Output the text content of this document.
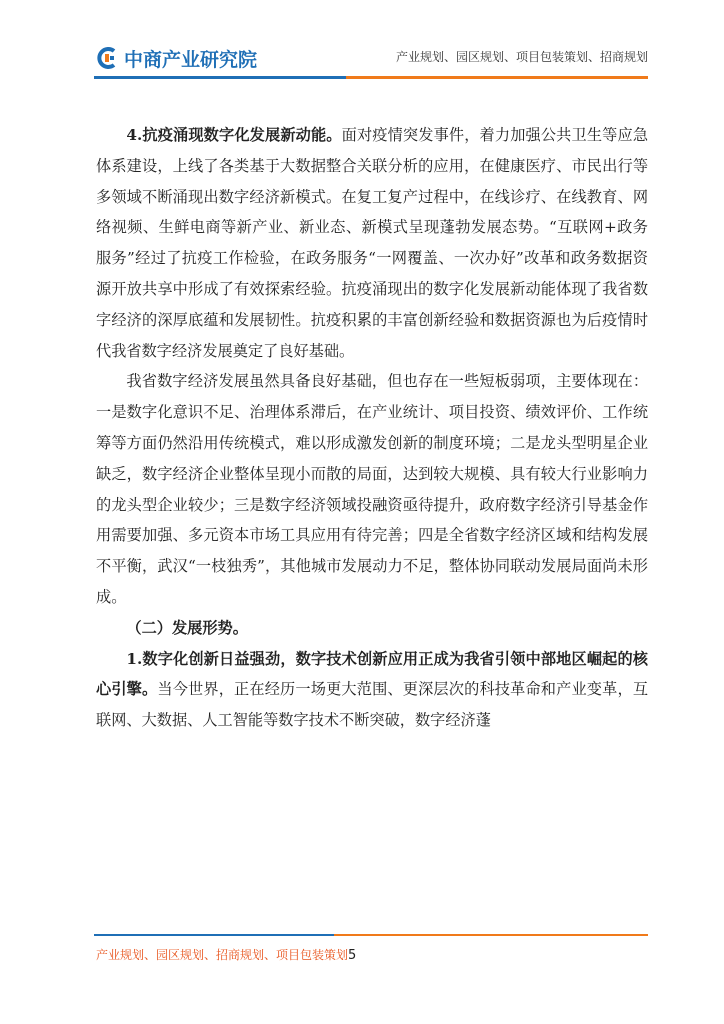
中商产业研究院	产业规划、园区规划、项目包装策划、招商规划

4.抗疫涌现数字化发展新动能。面对疫情突发事件，着力加强公共卫生等应急体系建设，上线了各类基于大数据整合关联分析的应用，在健康医疗、市民出行等多领域不断涌现出数字经济新模式。在复工复产过程中，在线诊疗、在线教育、网络视频、生鲜电商等新产业、新业态、新模式呈现蓬勃发展态势。“互联网+政务服务”经过了抗疫工作检验，在政务服务“一网覆盖、一次办好”改革和政务数据资源开放共享中形成了有效探索经验。抗疫涌现出的数字化发展新动能体现了我省数字经济的深厚底蕴和发展韧性。抗疫积累的丰富创新经验和数据资源也为后疫情时代我省数字经济发展奠定了良好基础。

我省数字经济发展虽然具备良好基础，但也存在一些短板弱项，主要体现在：一是数字化意识不足、治理体系滞后，在产业统计、项目投资、绩效评价、工作统筹等方面仍然沿用传统模式，难以形成激发创新的制度环境；二是龙头型明星企业缺乏，数字经济企业整体呈现小而散的局面，达到较大规模、具有较大行业影响力的龙头型企业较少；三是数字经济领域投融资亟待提升，政府数字经济引导基金作用需要加强、多元资本市场工具应用有待完善；四是全省数字经济区域和结构发展不平衡，武汉“一枝独秀”，其他城市发展动力不足，整体协同联动发展局面尚未形成。

（二）发展形势。

1.数字化创新日益强劲，数字技术创新应用正成为我省引领中部地区崛起的核心引擎。当今世界，正在经历一场更大范围、更深层次的科技革命和产业变革，互联网、大数据、人工智能等数字技术不断突破，数字经济蓬

产业规划、园区规划、招商规划、项目包装策划5
